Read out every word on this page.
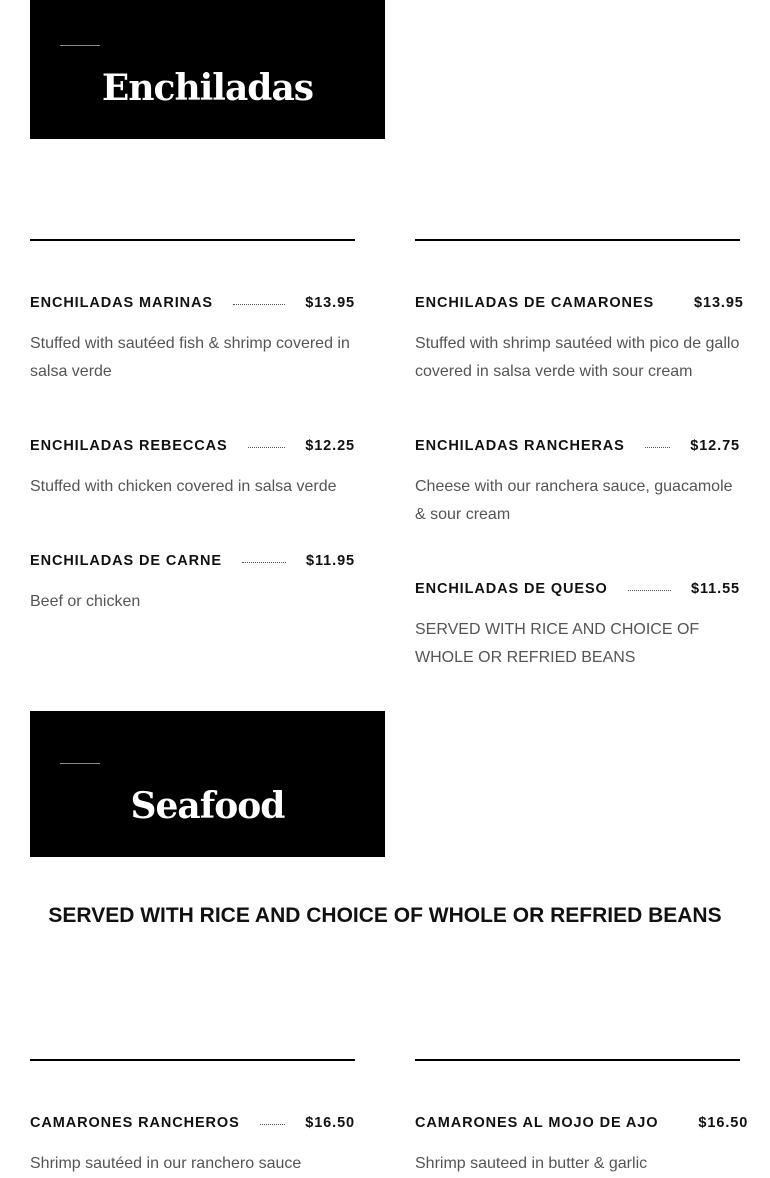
Enchiladas
ENCHILADAS MARINAS	$13.95
Stuffed with sautéed fish & shrimp covered in salsa verde
ENCHILADAS REBECCAS	$12.25
Stuffed with chicken covered in salsa verde
ENCHILADAS DE CARNE	$11.95
Beef or chicken
ENCHILADAS DE CAMARONES	$13.95
Stuffed with shrimp sautéed with pico de gallo covered in salsa verde with sour cream
ENCHILADAS RANCHERAS	$12.75
Cheese with our ranchera sauce, guacamole & sour cream
ENCHILADAS DE QUESO	$11.55
SERVED WITH RICE AND CHOICE OF WHOLE OR REFRIED BEANS
Seafood
SERVED WITH RICE AND CHOICE OF WHOLE OR REFRIED BEANS
CAMARONES RANCHEROS	$16.50
Shrimp sautéed in our ranchero sauce
CAMARONES AL MOJO DE AJO	$16.50
Shrimp sauteed in butter & garlic
